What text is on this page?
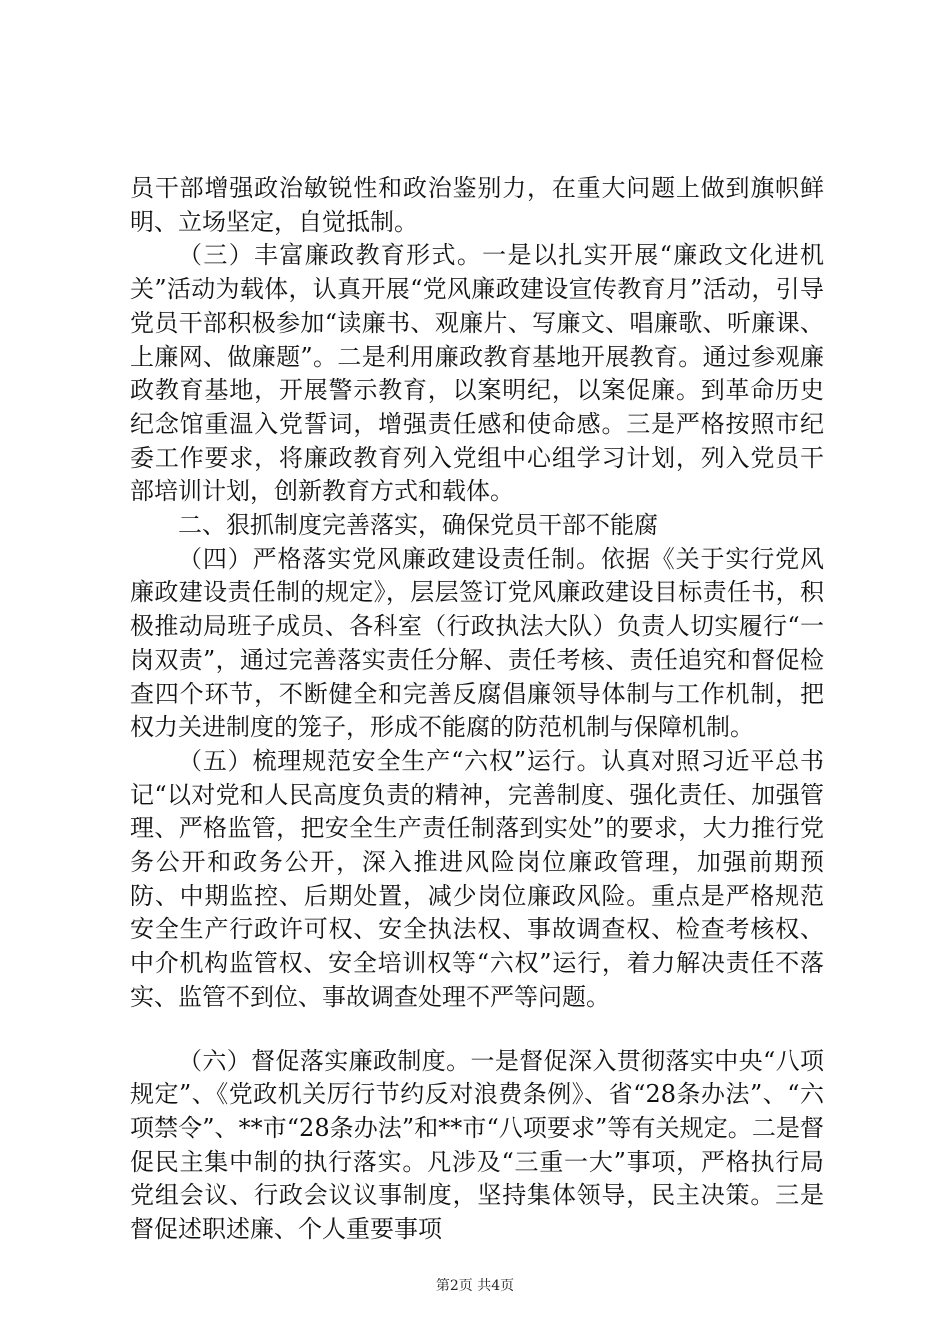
员干部增强政治敏锐性和政治鉴别力，在重大问题上做到旗帜鲜明、立场坚定，自觉抵制。

（三）丰富廉政教育形式。一是以扎实开展“廉政文化进机关”活动为载体，认真开展“党风廉政建设宣传教育月”活动，引导党员干部积极参加“读廉书、观廉片、写廉文、唱廉歌、听廉课、上廉网、做廉题”。二是利用廉政教育基地开展教育。通过参观廉政教育基地，开展警示教育，以案明纪，以案促廉。到革命历史纪念馆重温入党誓词，增强责任感和使命感。三是严格按照市纪委工作要求，将廉政教育列入党组中心组学习计划，列入党员干部培训计划，创新教育方式和载体。

二、狠抓制度完善落实，确保党员干部不能腐

（四）严格落实党风廉政建设责任制。依据《关于实行党风廉政建设责任制的规定》，层层签订党风廉政建设目标责任书，积极推动局班子成员、各科室（行政执法大队）负责人切实履行“一岗双责”，通过完善落实责任分解、责任考核、责任追究和督促检查四个环节，不断健全和完善反腐倡廉领导体制与工作机制，把权力关进制度的笼子，形成不能腐的防范机制与保障机制。

（五）梳理规范安全生产“六权”运行。认真对照习近平总书记“以对党和人民高度负责的精神，完善制度、强化责任、加强管理、严格监管，把安全生产责任制落到实处”的要求，大力推行党务公开和政务公开，深入推进风险岗位廉政管理，加强前期预防、中期监控、后期处置，减少岗位廉政风险。重点是严格规范安全生产行政许可权、安全执法权、事故调查权、检查考核权、中介机构监管权、安全培训权等“六权”运行，着力解决责任不落实、监管不到位、事故调查处理不严等问题。

（六）督促落实廉政制度。一是督促深入贯彻落实中央“八项规定”、《党政机关厉行节约反对浪费条例》、省“28条办法”、“六项禁令”、**市“28条办法”和**市“八项要求”等有关规定。二是督促民主集中制的执行落实。凡涉及“三重一大”事项，严格执行局党组会议、行政会议议事制度，坚持集体领导，民主决策。三是督促述职述廉、个人重要事项

第2页 共4页
